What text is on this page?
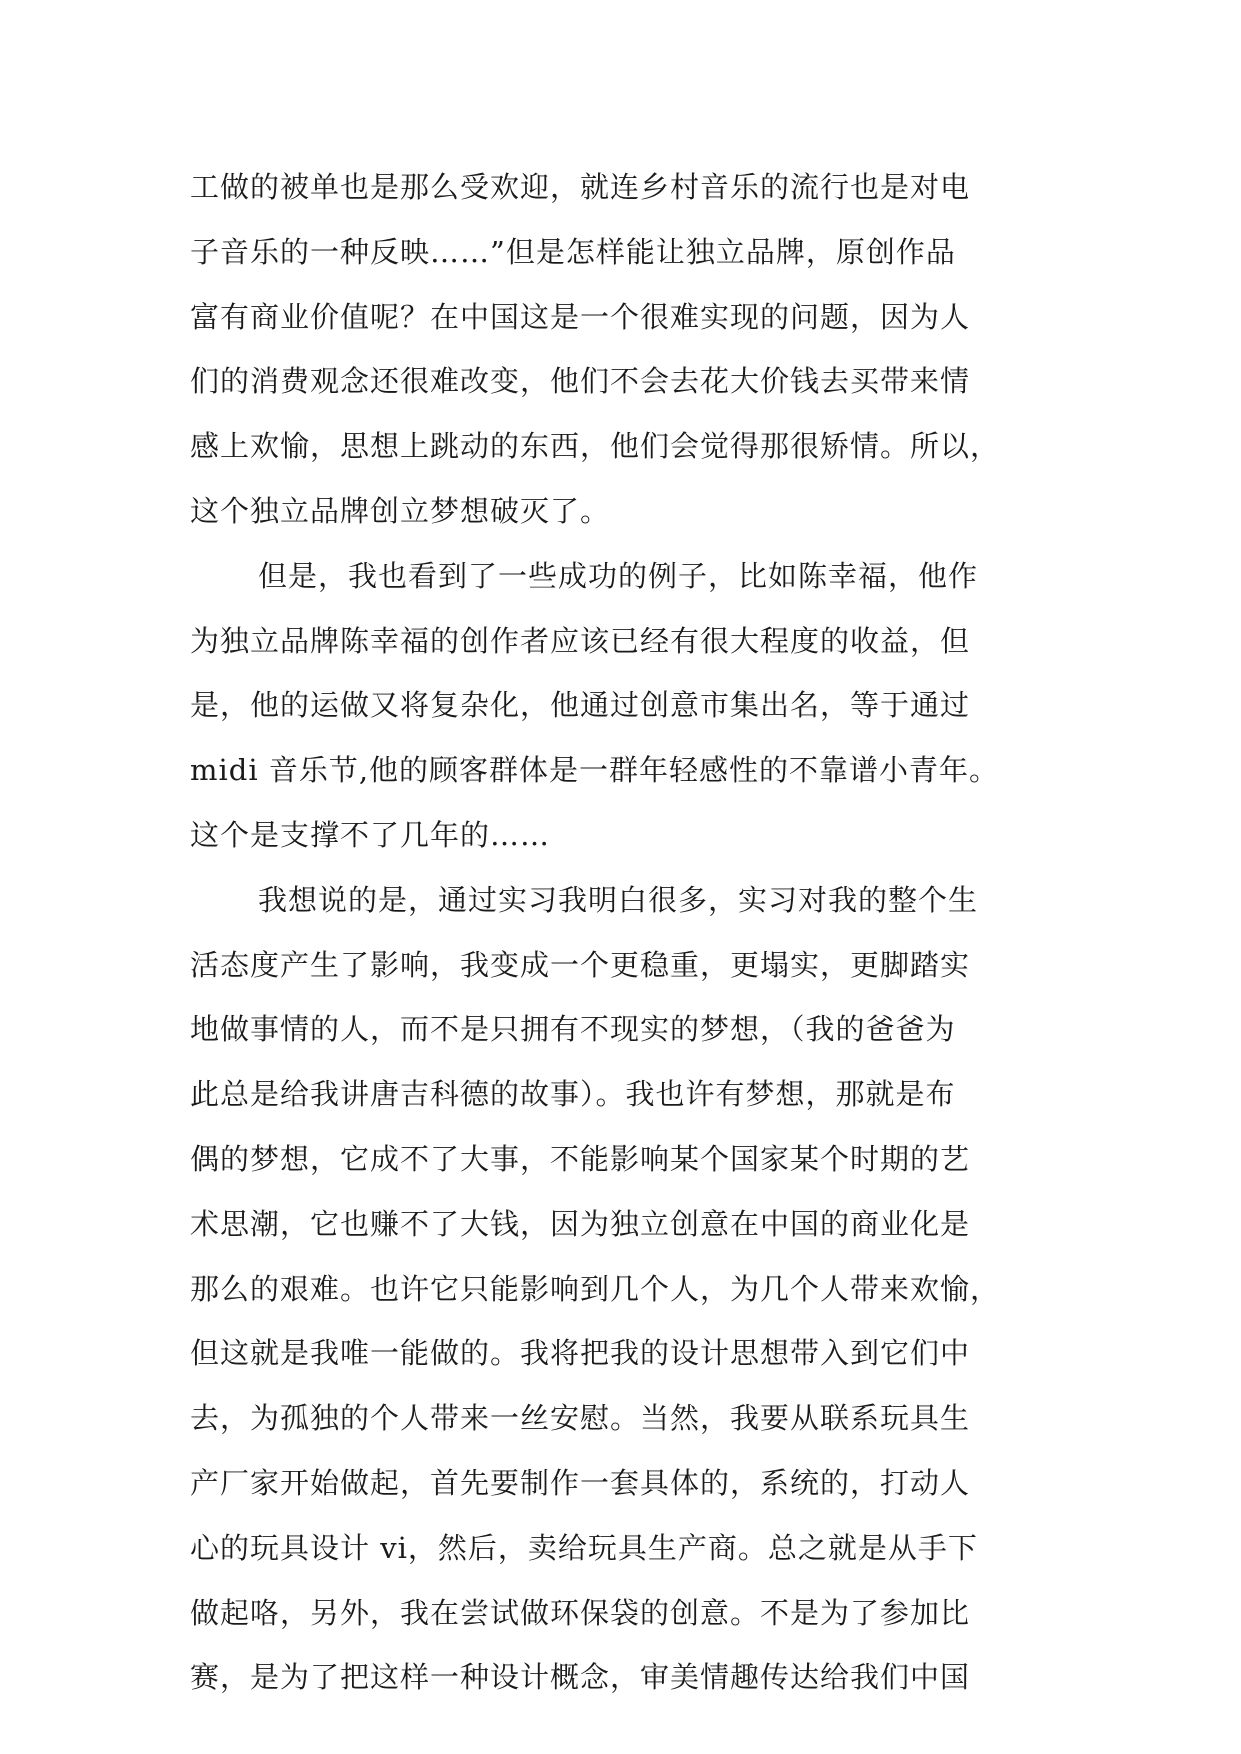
工做的被单也是那么受欢迎，就连乡村音乐的流行也是对电
子音乐的一种反映……”但是怎样能让独立品牌，原创作品
富有商业价值呢？在中国这是一个很难实现的问题，因为人
们的消费观念还很难改变，他们不会去花大价钱去买带来情
感上欢愉，思想上跳动的东西，他们会觉得那很矫情。所以，
这个独立品牌创立梦想破灭了。
但是，我也看到了一些成功的例子，比如陈幸福，他作
为独立品牌陈幸福的创作者应该已经有很大程度的收益，但
是，他的运做又将复杂化，他通过创意市集出名，等于通过
midi 音乐节,他的顾客群体是一群年轻感性的不靠谱小青年。
这个是支撑不了几年的……
我想说的是，通过实习我明白很多，实习对我的整个生
活态度产生了影响，我变成一个更稳重，更塌实，更脚踏实
地做事情的人，而不是只拥有不现实的梦想，（我的爸爸为
此总是给我讲唐吉科德的故事）。我也许有梦想，那就是布
偶的梦想，它成不了大事，不能影响某个国家某个时期的艺
术思潮，它也赚不了大钱，因为独立创意在中国的商业化是
那么的艰难。也许它只能影响到几个人，为几个人带来欢愉，
但这就是我唯一能做的。我将把我的设计思想带入到它们中
去，为孤独的个人带来一丝安慰。当然，我要从联系玩具生
产厂家开始做起，首先要制作一套具体的，系统的，打动人
心的玩具设计 vi，然后，卖给玩具生产商。总之就是从手下
做起咯，另外，我在尝试做环保袋的创意。不是为了参加比
赛，是为了把这样一种设计概念，审美情趣传达给我们中国
